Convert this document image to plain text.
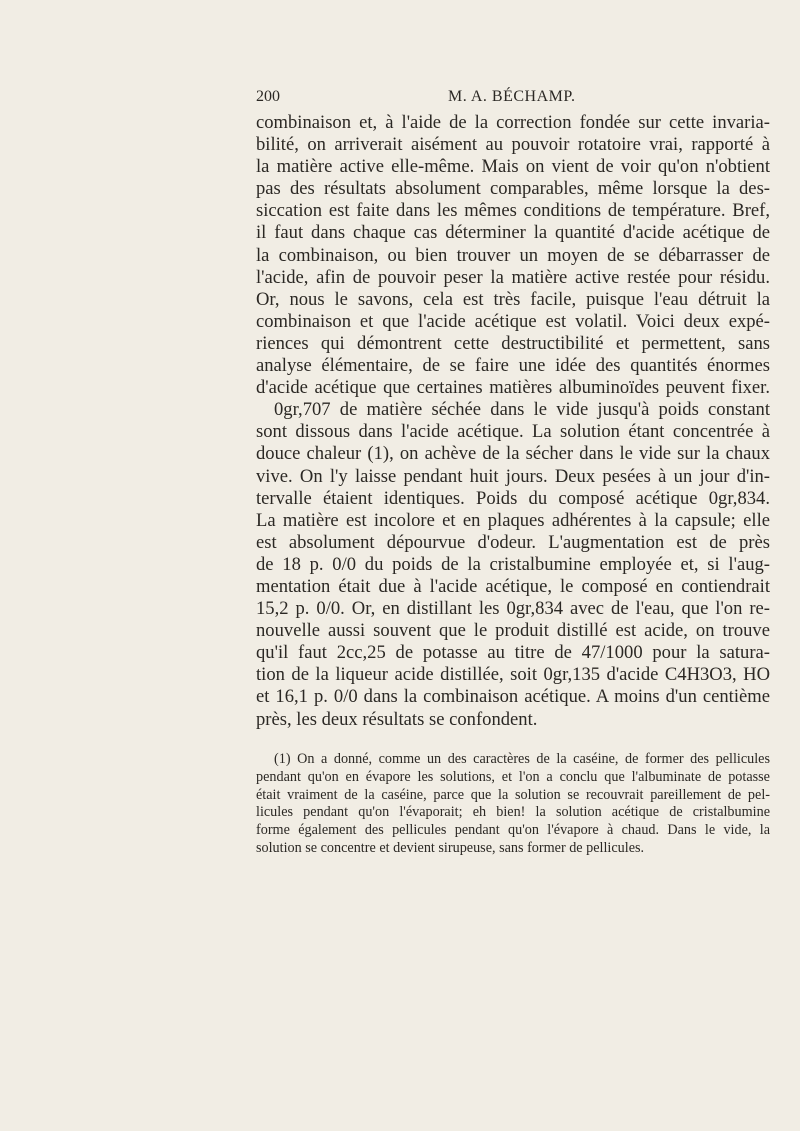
200	M. A. BÉCHAMP.
combinaison et, à l'aide de la correction fondée sur cette invaria-
bilité, on arriverait aisément au pouvoir rotatoire vrai, rapporté à
la matière active elle-même. Mais on vient de voir qu'on n'obtient
pas des résultats absolument comparables, même lorsque la des-
siccation est faite dans les mêmes conditions de température. Bref,
il faut dans chaque cas déterminer la quantité d'acide acétique de
la combinaison, ou bien trouver un moyen de se débarrasser de
l'acide, afin de pouvoir peser la matière active restée pour résidu.
Or, nous le savons, cela est très facile, puisque l'eau détruit la
combinaison et que l'acide acétique est volatil. Voici deux expé-
riences qui démontrent cette destructibilité et permettent, sans
analyse élémentaire, de se faire une idée des quantités énormes
d'acide acétique que certaines matières albuminoïdes peuvent fixer.
0gr,707 de matière séchée dans le vide jusqu'à poids constant
sont dissous dans l'acide acétique. La solution étant concentrée à
douce chaleur (1), on achève de la sécher dans le vide sur la chaux
vive. On l'y laisse pendant huit jours. Deux pesées à un jour d'in-
tervalle étaient identiques. Poids du composé acétique 0gr,834.
La matière est incolore et en plaques adhérentes à la capsule; elle
est absolument dépourvue d'odeur. L'augmentation est de près
de 18 p. 0/0 du poids de la cristalbumine employée et, si l'aug-
mentation était due à l'acide acétique, le composé en contiendrait
15,2 p. 0/0. Or, en distillant les 0gr,834 avec de l'eau, que l'on re-
nouvelle aussi souvent que le produit distillé est acide, on trouve
qu'il faut 2cc,25 de potasse au titre de 47/1000 pour la satura-
tion de la liqueur acide distillée, soit 0gr,135 d'acide C4H3O3, HO
et 16,1 p. 0/0 dans la combinaison acétique. A moins d'un centième
près, les deux résultats se confondent.
(1) On a donné, comme un des caractères de la caséine, de former des pellicules
pendant qu'on en évapore les solutions, et l'on a conclu que l'albuminate de potasse
était vraiment de la caséine, parce que la solution se recouvrait pareillement de pel-
licules pendant qu'on l'évaporait; eh bien! la solution acétique de cristalbumine
forme également des pellicules pendant qu'on l'évapore à chaud. Dans le vide, la
solution se concentre et devient sirupeuse, sans former de pellicules.
